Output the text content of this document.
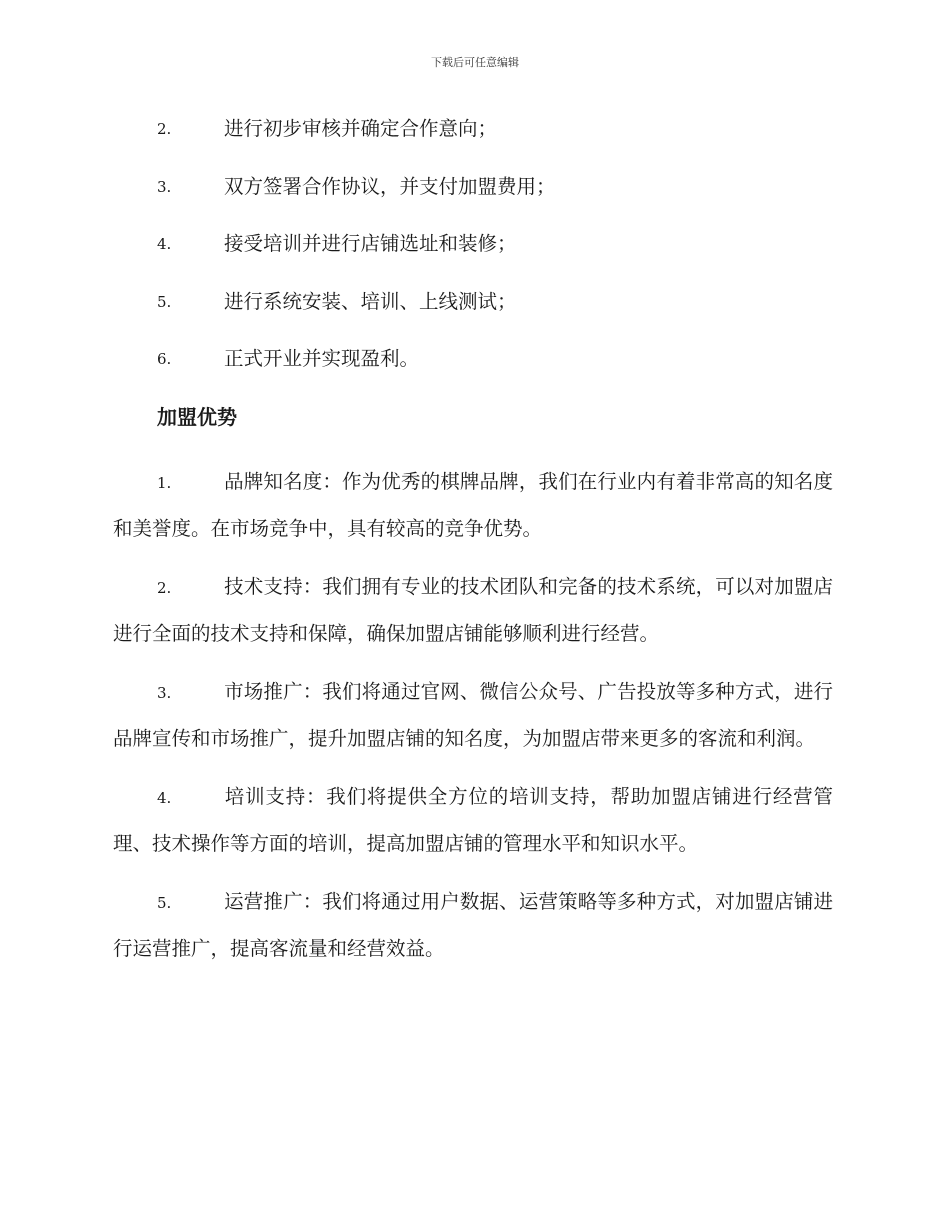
下载后可任意编辑
2.	进行初步审核并确定合作意向；
3.	双方签署合作协议，并支付加盟费用；
4.	接受培训并进行店铺选址和装修；
5.	进行系统安装、培训、上线测试；
6.	正式开业并实现盈利。
加盟优势

1.	品牌知名度：作为优秀的棋牌品牌，我们在行业内有着非常高的知名度和美誉度。在市场竞争中，具有较高的竞争优势。

2.	技术支持：我们拥有专业的技术团队和完备的技术系统，可以对加盟店进行全面的技术支持和保障，确保加盟店铺能够顺利进行经营。

3.	市场推广：我们将通过官网、微信公众号、广告投放等多种方式，进行品牌宣传和市场推广，提升加盟店铺的知名度，为加盟店带来更多的客流和利润。

4.	培训支持：我们将提供全方位的培训支持，帮助加盟店铺进行经营管理、技术操作等方面的培训，提高加盟店铺的管理水平和知识水平。

5.	运营推广：我们将通过用户数据、运营策略等多种方式，对加盟店铺进行运营推广，提高客流量和经营效益。
